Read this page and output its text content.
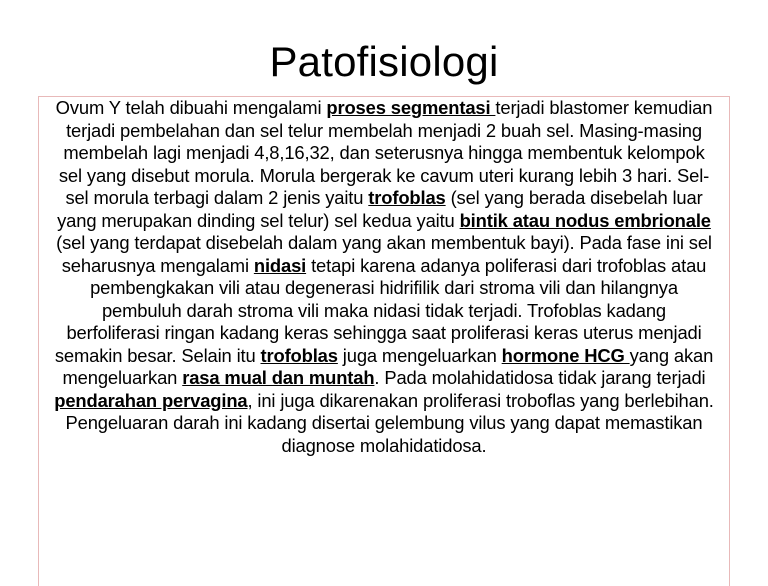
Patofisiologi

Ovum Y telah dibuahi mengalami proses segmentasi terjadi blastomer kemudian terjadi pembelahan dan sel telur membelah menjadi 2 buah sel. Masing-masing membelah lagi menjadi 4,8,16,32, dan seterusnya hingga membentuk kelompok sel yang disebut morula. Morula bergerak ke cavum uteri kurang lebih 3 hari. Sel-sel morula terbagi dalam 2 jenis yaitu trofoblas (sel yang berada disebelah luar yang merupakan dinding sel telur) sel kedua yaitu bintik atau nodus embrionale (sel yang terdapat disebelah dalam yang akan membentuk bayi). Pada fase ini sel seharusnya mengalami nidasi tetapi karena adanya poliferasi dari trofoblas atau pembengkakan vili atau degenerasi hidrifilik dari stroma vili dan hilangnya pembuluh darah stroma vili maka nidasi tidak terjadi. Trofoblas kadang berfoliferasi ringan kadang keras sehingga saat proliferasi keras uterus menjadi semakin besar. Selain itu trofoblas juga mengeluarkan hormone HCG yang akan mengeluarkan rasa mual dan muntah. Pada molahidatidosa tidak jarang terjadi pendarahan pervagina, ini juga dikarenakan proliferasi troboflas yang berlebihan. Pengeluaran darah ini kadang disertai gelembung vilus yang dapat memastikan diagnose molahidatidosa.
